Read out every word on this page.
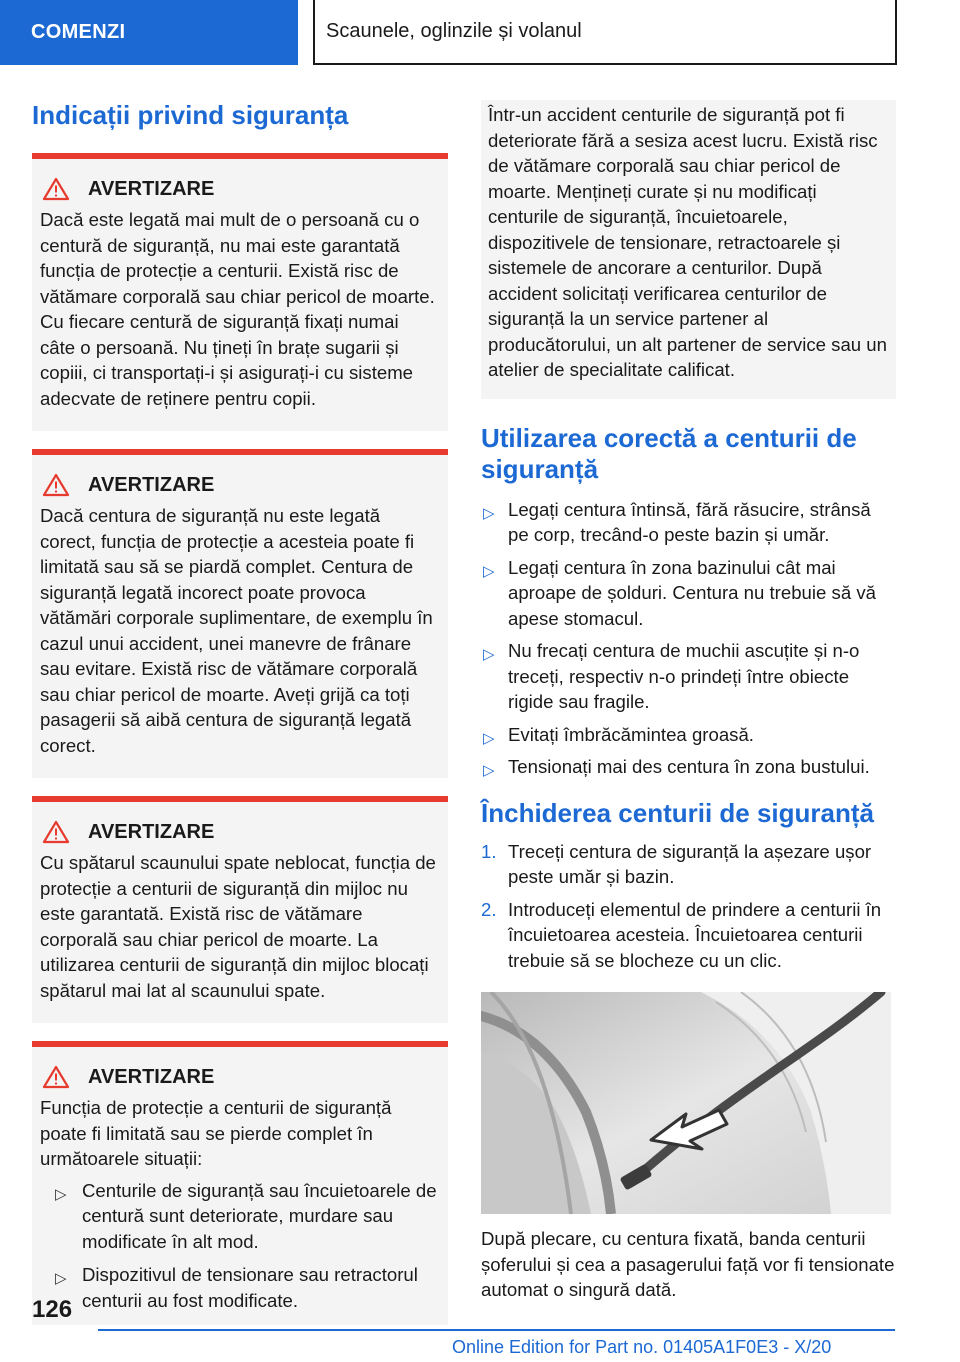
COMENZI	Scaunele, oglinzile și volanul
Indicații privind siguranța
AVERTIZARE
Dacă este legată mai mult de o persoană cu o centură de siguranță, nu mai este garantată funcția de protecție a centurii. Există risc de vătămare corporală sau chiar pericol de moarte. Cu fiecare centură de siguranță fixați numai câte o persoană. Nu țineți în brațe sugarii și copiii, ci transportați-i și asigurați-i cu sisteme adecvate de reținere pentru copii.
AVERTIZARE
Dacă centura de siguranță nu este legată corect, funcția de protecție a acesteia poate fi limitată sau să se piardă complet. Centura de siguranță legată incorect poate provoca vătămări corporale suplimentare, de exemplu în cazul unui accident, unei manevre de frânare sau evitare. Există risc de vătămare corporală sau chiar pericol de moarte. Aveți grijă ca toți pasagerii să aibă centura de siguranță legată corect.
AVERTIZARE
Cu spătarul scaunului spate neblocat, funcția de protecție a centurii de siguranță din mijloc nu este garantată. Există risc de vătămare corporală sau chiar pericol de moarte. La utilizarea centurii de siguranță din mijloc blocați spătarul mai lat al scaunului spate.
AVERTIZARE
Funcția de protecție a centurii de siguranță poate fi limitată sau se pierde complet în următoarele situații:
▷ Centurile de siguranță sau încuietoarele de centură sunt deteriorate, murdare sau modificate în alt mod.
▷ Dispozitivul de tensionare sau retractorul centurii au fost modificate.
Într-un accident centurile de siguranță pot fi deteriorate fără a sesiza acest lucru. Există risc de vătămare corporală sau chiar pericol de moarte. Mențineți curate și nu modificați centurile de siguranță, încuietoarele, dispozitivele de tensionare, retractoarele și sistemele de ancorare a centurilor. După accident solicitați verificarea centurilor de siguranță la un service partener al producătorului, un alt partener de service sau un atelier de specialitate calificat.
Utilizarea corectă a centurii de siguranță
▷ Legați centura întinsă, fără răsucire, strânsă pe corp, trecând-o peste bazin și umăr.
▷ Legați centura în zona bazinului cât mai aproape de șolduri. Centura nu trebuie să vă apese stomacul.
▷ Nu frecați centura de muchii ascuțite și n-o treceți, respectiv n-o prindeți între obiecte rigide sau fragile.
▷ Evitați îmbrăcămintea groasă.
▷ Tensionați mai des centura în zona bustului.
Închiderea centurii de siguranță
1. Treceți centura de siguranță la așezare ușor peste umăr și bazin.
2. Introduceți elementul de prindere a centurii în încuietoarea acesteia. Încuietoarea centurii trebuie să se blocheze cu un clic.
După plecare, cu centura fixată, banda centurii șoferului și cea a pasagerului față vor fi tensionate automat o singură dată.
126
Online Edition for Part no. 01405A1F0E3 - X/20
